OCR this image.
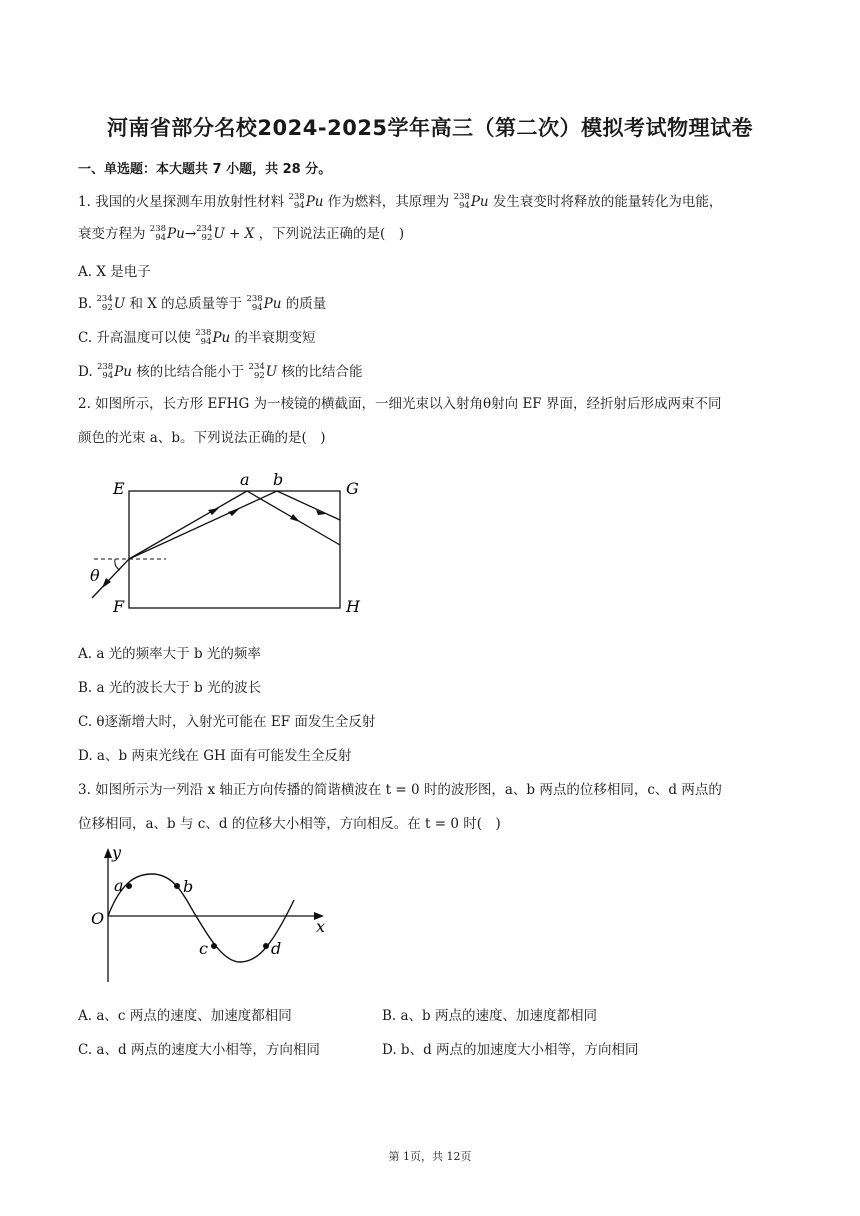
河南省部分名校2024-2025学年高三（第二次）模拟考试物理试卷
一、单选题：本大题共 7 小题，共 28 分。
1. 我国的火星探测车用放射性材料 238
94 Pu 作为燃料，其原理为 238
94 Pu 发生衰变时将释放的能量转化为电能，
衰变方程为 238
94 Pu→ 234
92 U + X ，下列说法正确的是(　)
A. X 是电子
B. 234
92 U 和 X 的总质量等于 238
94 Pu 的质量
C. 升高温度可以使 238
94 Pu 的半衰期变短
D. 238
94 Pu 核的比结合能小于 234
92 U 核的比结合能
2. 如图所示，长方形 EFHG 为一棱镜的横截面，一细光束以入射角θ射向 EF 界面，经折射后形成两束不同
颜色的光束 a、b。下列说法正确的是(　)
E	G
F	H
a b
θ
A. a 光的频率大于 b 光的频率
B. a 光的波长大于 b 光的波长
C. θ逐渐增大时，入射光可能在 EF 面发生全反射
D. a、b 两束光线在 GH 面有可能发生全反射
3. 如图所示为一列沿 x 轴正方向传播的简谐横波在 t = 0 时的波形图，a、b 两点的位移相同，c、d 两点的
位移相同，a、b 与 c、d 的位移大小相等，方向相反。在 t = 0 时(　)
y
x
O
a	b
c	d
A. a、c 两点的速度、加速度都相同	B. a、b 两点的速度、加速度都相同
C. a、d 两点的速度大小相等，方向相同	D. b、d 两点的加速度大小相等，方向相同
第 1页，共 12页
